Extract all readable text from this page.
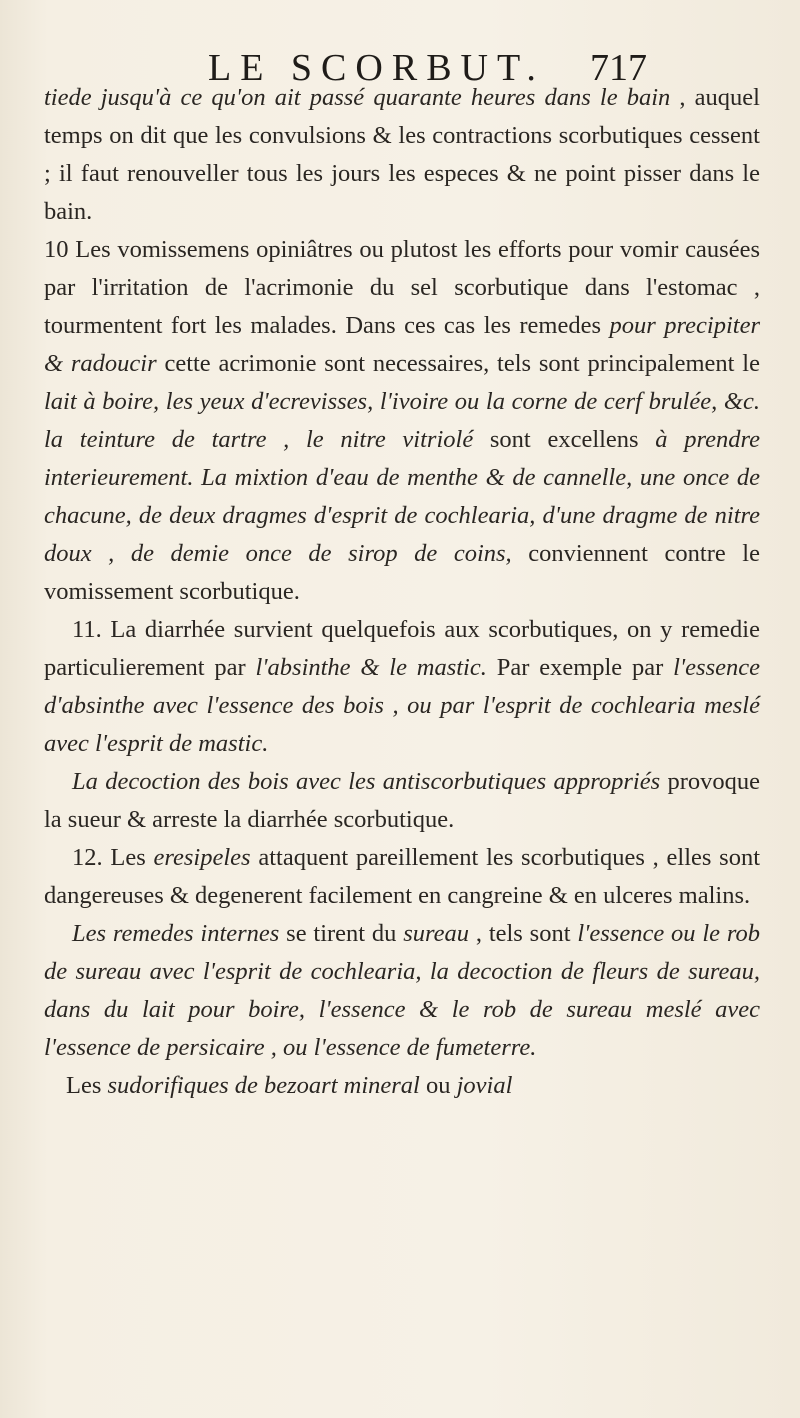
LE SCORBUT. 717

tiede jusqu'à ce qu'on ait passé quarante heures dans le bain , auquel temps on dit que les convulsions & les contractions scorbutiques cessent ; il faut renouveller tous les jours les especes & ne point pisser dans le bain.

10 Les vomissemens opiniâtres ou plutost les efforts pour vomir causées par l'irritation de l'acrimonie du sel scorbutique dans l'estomac , tourmentent fort les malades. Dans ces cas les remedes pour precipiter & radoucir cette acrimonie sont necessaires, tels sont principalement le lait à boire, les yeux d'ecrevisses, l'ivoire ou la corne de cerf brulée, &c. la teinture de tartre , le nitre vitriolé sont excellens à prendre interieurement. La mixtion d'eau de menthe & de cannelle, une once de chacune, de deux dragmes d'esprit de cochlearia, d'une dragme de nitre doux , de demie once de sirop de coins, conviennent contre le vomissement scorbutique.

11. La diarrhée survient quelquefois aux scorbutiques, on y remedie particulierement par l'absinthe & le mastic. Par exemple par l'essence d'absinthe avec l'essence des bois , ou par l'esprit de cochlearia meslé avec l'esprit de mastic.

La decoction des bois avec les antiscorbutiques appropriés provoque la sueur & arreste la diarrhée scorbutique.

12. Les eresipeles attaquent pareillement les scorbutiques , elles sont dangereuses & degenerent facilement en cangreine & en ulceres malins.

Les remedes internes se tirent du sureau , tels sont l'essence ou le rob de sureau avec l'esprit de cochlearia, la decoction de fleurs de sureau, dans du lait pour boire, l'essence & le rob de sureau meslé avec l'essence de persicaire , ou l'essence de fumeterre.

Les sudorifiques de bezoart mineral ou jovial
